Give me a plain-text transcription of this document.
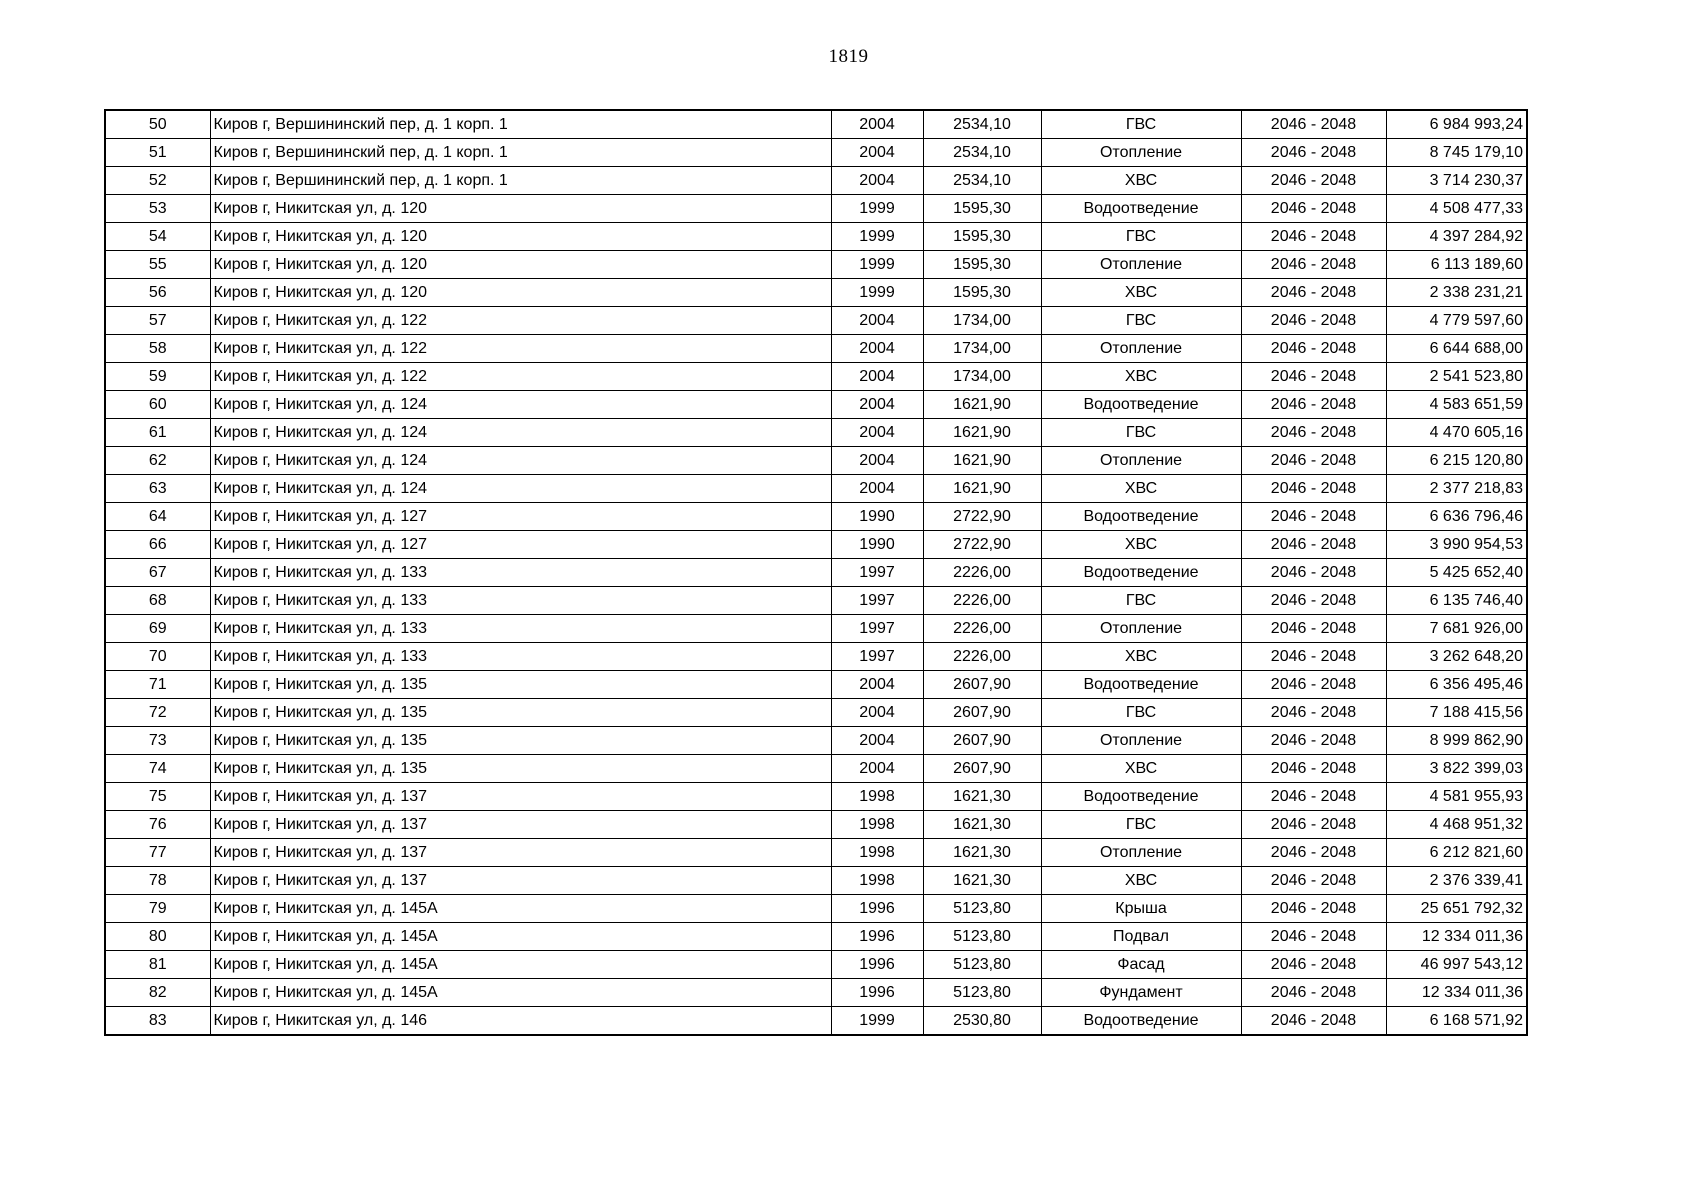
1819
50	Киров г, Вершининский пер, д. 1 корп. 1	2004	2534,10	ГВС	2046 - 2048	6 984 993,24
51	Киров г, Вершининский пер, д. 1 корп. 1	2004	2534,10	Отопление	2046 - 2048	8 745 179,10
52	Киров г, Вершининский пер, д. 1 корп. 1	2004	2534,10	ХВС	2046 - 2048	3 714 230,37
53	Киров г, Никитская ул, д. 120	1999	1595,30	Водоотведение	2046 - 2048	4 508 477,33
54	Киров г, Никитская ул, д. 120	1999	1595,30	ГВС	2046 - 2048	4 397 284,92
55	Киров г, Никитская ул, д. 120	1999	1595,30	Отопление	2046 - 2048	6 113 189,60
56	Киров г, Никитская ул, д. 120	1999	1595,30	ХВС	2046 - 2048	2 338 231,21
57	Киров г, Никитская ул, д. 122	2004	1734,00	ГВС	2046 - 2048	4 779 597,60
58	Киров г, Никитская ул, д. 122	2004	1734,00	Отопление	2046 - 2048	6 644 688,00
59	Киров г, Никитская ул, д. 122	2004	1734,00	ХВС	2046 - 2048	2 541 523,80
60	Киров г, Никитская ул, д. 124	2004	1621,90	Водоотведение	2046 - 2048	4 583 651,59
61	Киров г, Никитская ул, д. 124	2004	1621,90	ГВС	2046 - 2048	4 470 605,16
62	Киров г, Никитская ул, д. 124	2004	1621,90	Отопление	2046 - 2048	6 215 120,80
63	Киров г, Никитская ул, д. 124	2004	1621,90	ХВС	2046 - 2048	2 377 218,83
64	Киров г, Никитская ул, д. 127	1990	2722,90	Водоотведение	2046 - 2048	6 636 796,46
66	Киров г, Никитская ул, д. 127	1990	2722,90	ХВС	2046 - 2048	3 990 954,53
67	Киров г, Никитская ул, д. 133	1997	2226,00	Водоотведение	2046 - 2048	5 425 652,40
68	Киров г, Никитская ул, д. 133	1997	2226,00	ГВС	2046 - 2048	6 135 746,40
69	Киров г, Никитская ул, д. 133	1997	2226,00	Отопление	2046 - 2048	7 681 926,00
70	Киров г, Никитская ул, д. 133	1997	2226,00	ХВС	2046 - 2048	3 262 648,20
71	Киров г, Никитская ул, д. 135	2004	2607,90	Водоотведение	2046 - 2048	6 356 495,46
72	Киров г, Никитская ул, д. 135	2004	2607,90	ГВС	2046 - 2048	7 188 415,56
73	Киров г, Никитская ул, д. 135	2004	2607,90	Отопление	2046 - 2048	8 999 862,90
74	Киров г, Никитская ул, д. 135	2004	2607,90	ХВС	2046 - 2048	3 822 399,03
75	Киров г, Никитская ул, д. 137	1998	1621,30	Водоотведение	2046 - 2048	4 581 955,93
76	Киров г, Никитская ул, д. 137	1998	1621,30	ГВС	2046 - 2048	4 468 951,32
77	Киров г, Никитская ул, д. 137	1998	1621,30	Отопление	2046 - 2048	6 212 821,60
78	Киров г, Никитская ул, д. 137	1998	1621,30	ХВС	2046 - 2048	2 376 339,41
79	Киров г, Никитская ул, д. 145А	1996	5123,80	Крыша	2046 - 2048	25 651 792,32
80	Киров г, Никитская ул, д. 145А	1996	5123,80	Подвал	2046 - 2048	12 334 011,36
81	Киров г, Никитская ул, д. 145А	1996	5123,80	Фасад	2046 - 2048	46 997 543,12
82	Киров г, Никитская ул, д. 145А	1996	5123,80	Фундамент	2046 - 2048	12 334 011,36
83	Киров г, Никитская ул, д. 146	1999	2530,80	Водоотведение	2046 - 2048	6 168 571,92
